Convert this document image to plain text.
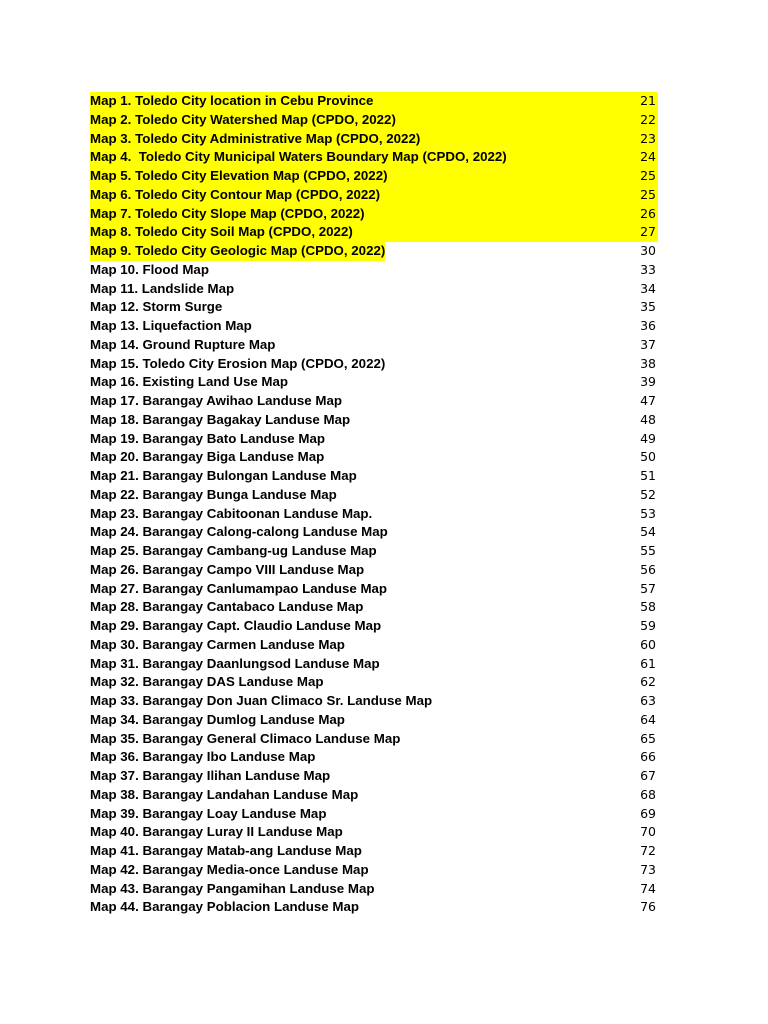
Map 1. Toledo City location in Cebu Province	21
Map 2. Toledo City Watershed Map (CPDO, 2022)	22
Map 3. Toledo City Administrative Map (CPDO, 2022)	23
Map 4.  Toledo City Municipal Waters Boundary Map (CPDO, 2022)	24
Map 5. Toledo City Elevation Map (CPDO, 2022)	25
Map 6. Toledo City Contour Map (CPDO, 2022)	25
Map 7. Toledo City Slope Map (CPDO, 2022)	26
Map 8. Toledo City Soil Map (CPDO, 2022)	27
Map 9. Toledo City Geologic Map (CPDO, 2022)	30
Map 10. Flood Map	33
Map 11. Landslide Map	34
Map 12. Storm Surge	35
Map 13. Liquefaction Map	36
Map 14. Ground Rupture Map	37
Map 15. Toledo City Erosion Map (CPDO, 2022)	38
Map 16. Existing Land Use Map	39
Map 17. Barangay Awihao Landuse Map	47
Map 18. Barangay Bagakay Landuse Map	48
Map 19. Barangay Bato Landuse Map	49
Map 20. Barangay Biga Landuse Map	50
Map 21. Barangay Bulongan Landuse Map	51
Map 22. Barangay Bunga Landuse Map	52
Map 23. Barangay Cabitoonan Landuse Map.	53
Map 24. Barangay Calong-calong Landuse Map	54
Map 25. Barangay Cambang-ug Landuse Map	55
Map 26. Barangay Campo VIII Landuse Map	56
Map 27. Barangay Canlumampao Landuse Map	57
Map 28. Barangay Cantabaco Landuse Map	58
Map 29. Barangay Capt. Claudio Landuse Map	59
Map 30. Barangay Carmen Landuse Map	60
Map 31. Barangay Daanlungsod Landuse Map	61
Map 32. Barangay DAS Landuse Map	62
Map 33. Barangay Don Juan Climaco Sr. Landuse Map	63
Map 34. Barangay Dumlog Landuse Map	64
Map 35. Barangay General Climaco Landuse Map	65
Map 36. Barangay Ibo Landuse Map	66
Map 37. Barangay Ilihan Landuse Map	67
Map 38. Barangay Landahan Landuse Map	68
Map 39. Barangay Loay Landuse Map	69
Map 40. Barangay Luray II Landuse Map	70
Map 41. Barangay Matab-ang Landuse Map	72
Map 42. Barangay Media-once Landuse Map	73
Map 43. Barangay Pangamihan Landuse Map	74
Map 44. Barangay Poblacion Landuse Map	76
